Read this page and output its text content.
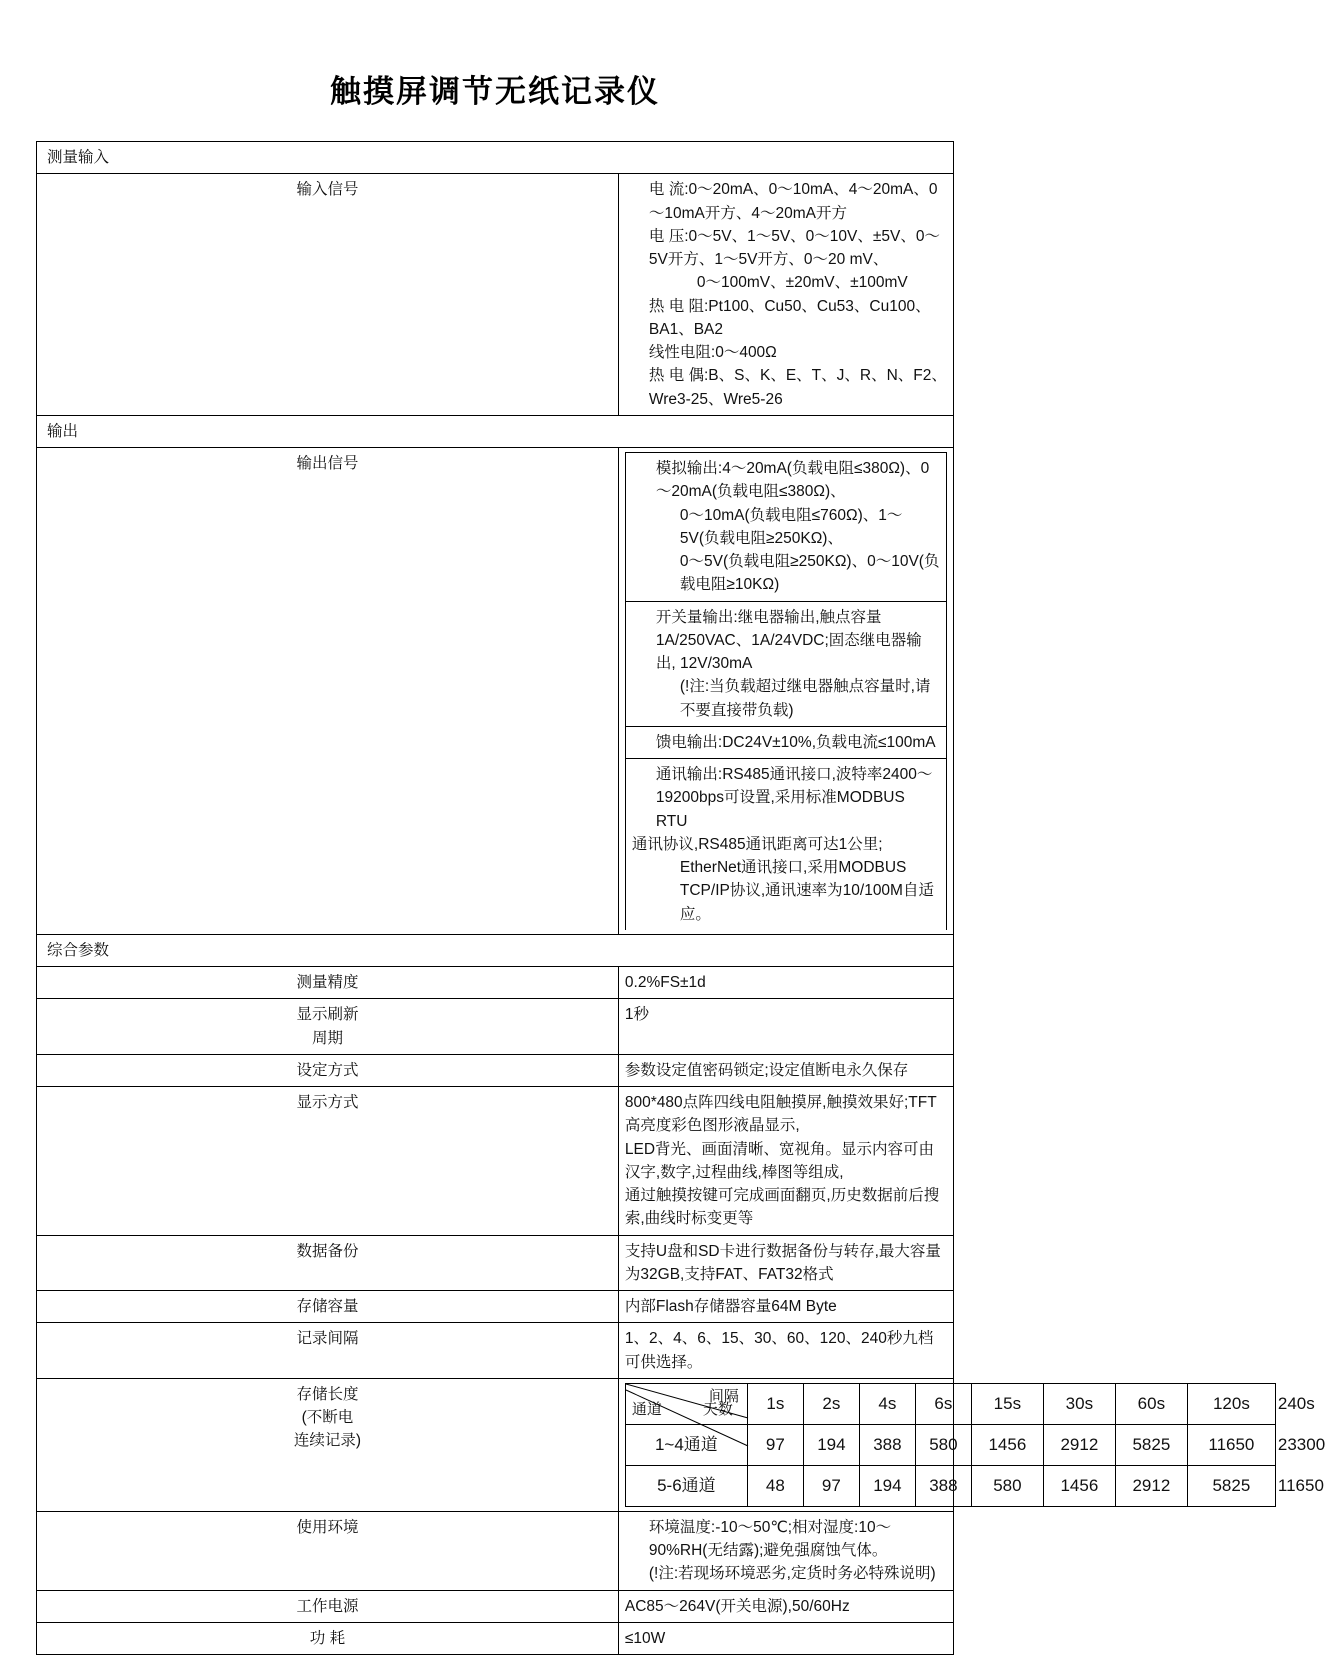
触摸屏调节无纸记录仪
测量输入
输入信号	电 流:0～20mA、0～10mA、4～20mA、0～10mA开方、4～20mA开方
电 压:0～5V、1～5V、0～10V、±5V、0～5V开方、1～5V开方、0～20 mV、
0～100mV、±20mV、±100mV
热 电 阻:Pt100、Cu50、Cu53、Cu100、BA1、BA2
线性电阻:0～400Ω
热 电 偶:B、S、K、E、T、J、R、N、F2、Wre3-25、Wre5-26

输出
输出信号		模拟输出:4～20mA(负载电阻≤380Ω)、0～20mA(负载电阻≤380Ω)、
0～10mA(负载电阻≤760Ω)、1～5V(负载电阻≥250KΩ)、
0～5V(负载电阻≥250KΩ)、0～10V(负载电阻≥10KΩ)

开关量输出:继电器输出,触点容量1A/250VAC、1A/24VDC;固态继电器输出, 12V/30mA
(!注:当负载超过继电器触点容量时,请不要直接带负载)

馈电输出:DC24V±10%,负载电流≤100mA

通讯输出:RS485通讯接口,波特率2400～19200bps可设置,采用标准MODBUS RTU
通讯协议,RS485通讯距离可达1公里;
EtherNet通讯接口,采用MODBUS TCP/IP协议,通讯速率为10/100M自适应。

综合参数
测量精度	0.2%FS±1d

显示刷新
周期
	1秒
设定方式	参数设定值密码锁定;设定值断电永久保存
显示方式	800*480点阵四线电阻触摸屏,触摸效果好;TFT高亮度彩色图形液晶显示,
LED背光、画面清晰、宽视角。显示内容可由汉字,数字,过程曲线,棒图等组成,
通过触摸按键可完成画面翻页,历史数据前后搜索,曲线时标变更等

数据备份	支持U盘和SD卡进行数据备份与转存,最大容量为32GB,支持FAT、FAT32格式
存储容量	内部Flash存储器容量64M Byte
记录间隔	1、2、4、6、15、30、60、120、240秒九档可供选择。

存储长度
(不断电
连续记录)

间隔
天数
通道	1s	2s	4s	6s	15s	30s	60s	120s	240s
1~4通道	97	194	388	580	1456	2912	5825	11650	23300
5-6通道	48	97	194	388	580	1456	2912	5825	11650

使用环境	环境温度:-10～50℃;相对湿度:10～90%RH(无结露);避免强腐蚀气体。
(!注:若现场环境恶劣,定货时务必特殊说明)

工作电源	AC85～264V(开关电源),50/60Hz
功 耗	≤10W
